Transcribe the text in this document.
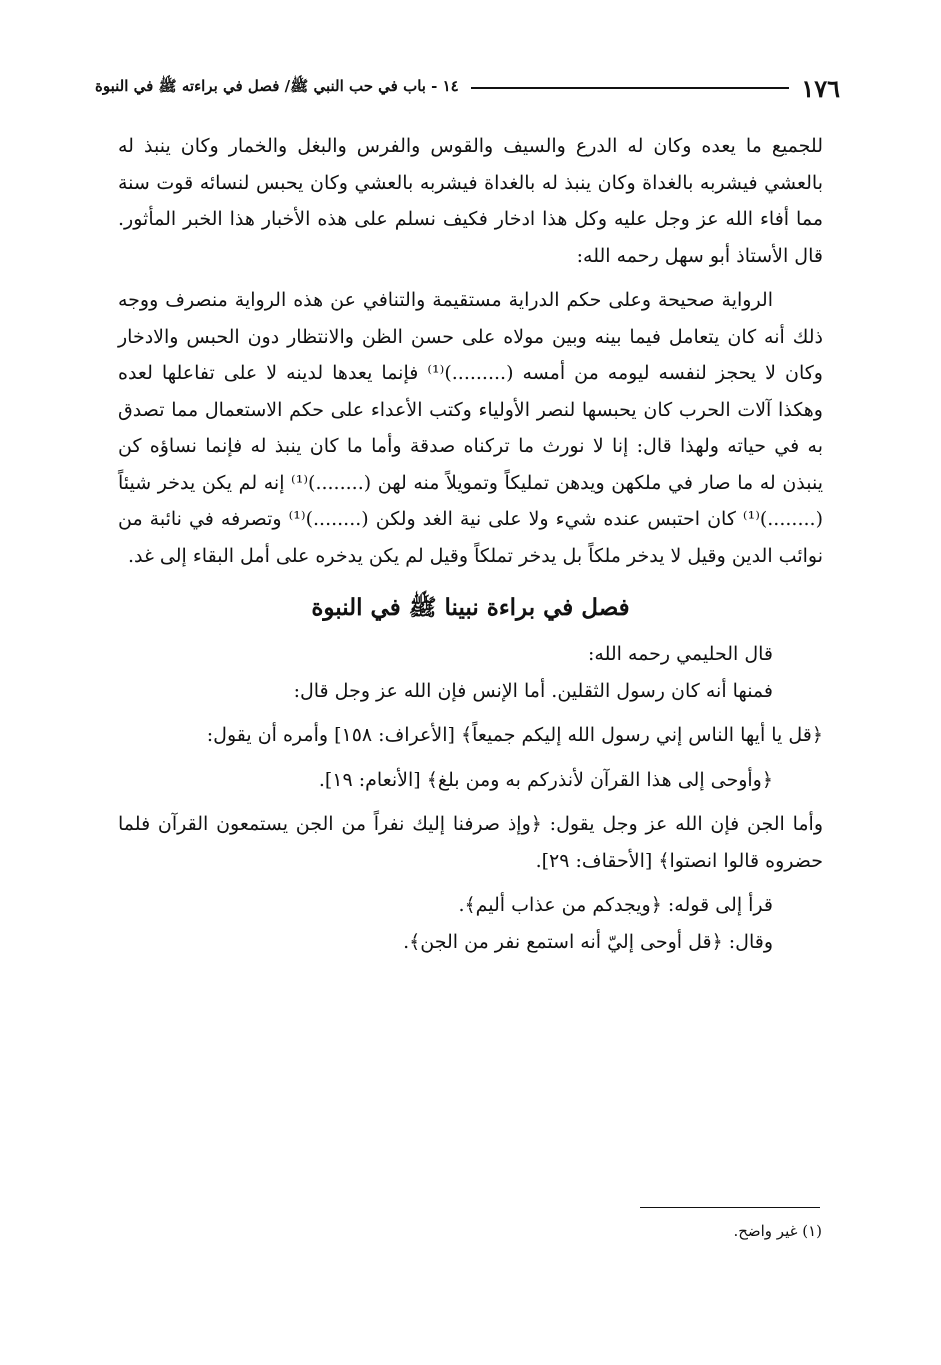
١٧٦
١٤ - باب في حب النبي ﷺ/ فصل في براءته ﷺ في النبوة

للجميع ما يعده وكان له الدرع والسيف والقوس والفرس والبغل والخمار وكان ينبذ له بالعشي فيشربه بالغداة وكان ينبذ له بالغداة فيشربه بالعشي وكان يحبس لنسائه قوت سنة مما أفاء الله عز وجل عليه وكل هذا ادخار فكيف نسلم على هذه الأخبار هذا الخبر المأثور. قال الأستاذ أبو سهل رحمه الله:

الرواية صحيحة وعلى حكم الدراية مستقيمة والتنافي عن هذه الرواية منصرف ووجه ذلك أنه كان يتعامل فيما بينه وبين مولاه على حسن الظن والانتظار دون الحبس والادخار وكان لا يحجز لنفسه ليومه من أمسه (.........)⁽¹⁾ فإنما يعدها لدينه لا على تفاعلها لعده وهكذا آلات الحرب كان يحبسها لنصر الأولياء وكتب الأعداء على حكم الاستعمال مما تصدق به في حياته ولهذا قال: إنا لا نورث ما تركناه صدقة وأما ما كان ينبذ له فإنما نساؤه كن ينبذن له ما صار في ملكهن ويدهن تمليكاً وتمويلاً منه لهن (........)⁽¹⁾ إنه لم يكن يدخر شيئاً (........)⁽¹⁾ كان احتبس عنده شيء ولا على نية الغد ولكن (........)⁽¹⁾ وتصرفه في نائبة من نوائب الدين وقيل لا يدخر ملكاً بل يدخر تملكاً وقيل لم يكن يدخره على أمل البقاء إلى غد.

فصل في براءة نبينا ﷺ في النبوة

قال الحليمي رحمه الله:

فمنها أنه كان رسول الثقلين. أما الإنس فإن الله عز وجل قال:

﴿قل يا أيها الناس إني رسول الله إليكم جميعاً﴾ [الأعراف: ١٥٨] وأمره أن يقول:

﴿وأوحى إلى هذا القرآن لأنذركم به ومن بلغ﴾ [الأنعام: ١٩].

وأما الجن فإن الله عز وجل يقول: ﴿وإذ صرفنا إليك نفراً من الجن يستمعون القرآن فلما حضروه قالوا انصتوا﴾ [الأحقاف: ٢٩].

قرأ إلى قوله: ﴿ويجدكم من عذاب أليم﴾.

وقال: ﴿قل أوحى إليّ أنه استمع نفر من الجن﴾.

(١) غير واضح.
